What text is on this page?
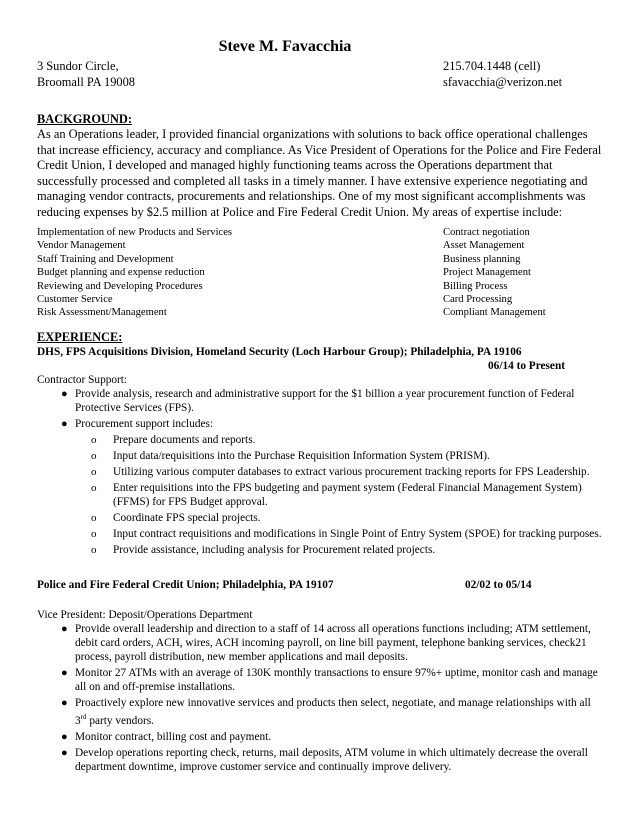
Steve M. Favacchia
3 Sundor Circle,
Broomall PA 19008
215.704.1448 (cell)
sfavacchia@verizon.net
BACKGROUND:

As an Operations leader, I provided financial organizations with solutions to back office operational challenges that increase efficiency, accuracy and compliance. As Vice President of Operations for the Police and Fire Federal Credit Union, I developed and managed highly functioning teams across the Operations department that successfully processed and completed all tasks in a timely manner. I have extensive experience negotiating and managing vendor contracts, procurements and relationships. One of my most significant accomplishments was reducing expenses by $2.5 million at Police and Fire Federal Credit Union. My areas of expertise include:

Implementation of new Products and Services
Vendor Management
Staff Training and Development
Budget planning and expense reduction
Reviewing and Developing Procedures
Customer Service
Risk Assessment/Management
Contract negotiation
Asset Management
Business planning
Project Management
Billing Process
Card Processing
Compliant Management
EXPERIENCE:
DHS, FPS Acquisitions Division, Homeland Security (Loch Harbour Group); Philadelphia, PA 19106
06/14 to Present
Contractor Support:
● Provide analysis, research and administrative support for the $1 billion a year procurement function of Federal Protective Services (FPS).
● Procurement support includes:
o Prepare documents and reports.
o Input data/requisitions into the Purchase Requisition Information System (PRISM).
o Utilizing various computer databases to extract various procurement tracking reports for FPS Leadership.
o Enter requisitions into the FPS budgeting and payment system (Federal Financial Management System) (FFMS) for FPS Budget approval.
o Coordinate FPS special projects.
o Input contract requisitions and modifications in Single Point of Entry System (SPOE) for tracking purposes.
o Provide assistance, including analysis for Procurement related projects.
Police and Fire Federal Credit Union; Philadelphia, PA 19107	02/02 to 05/14
Vice President: Deposit/Operations Department
● Provide overall leadership and direction to a staff of 14 across all operations functions including; ATM settlement, debit card orders, ACH, wires, ACH incoming payroll, on line bill payment, telephone banking services, check21 process, payroll distribution, new member applications and mail deposits.
● Monitor 27 ATMs with an average of 130K monthly transactions to ensure 97%+ uptime, monitor cash and manage all on and off-premise installations.
● Proactively explore new innovative services and products then select, negotiate, and manage relationships with all 3rd party vendors.
● Monitor contract, billing cost and payment.
● Develop operations reporting check, returns, mail deposits, ATM volume in which ultimately decrease the overall department downtime, improve customer service and continually improve delivery.
